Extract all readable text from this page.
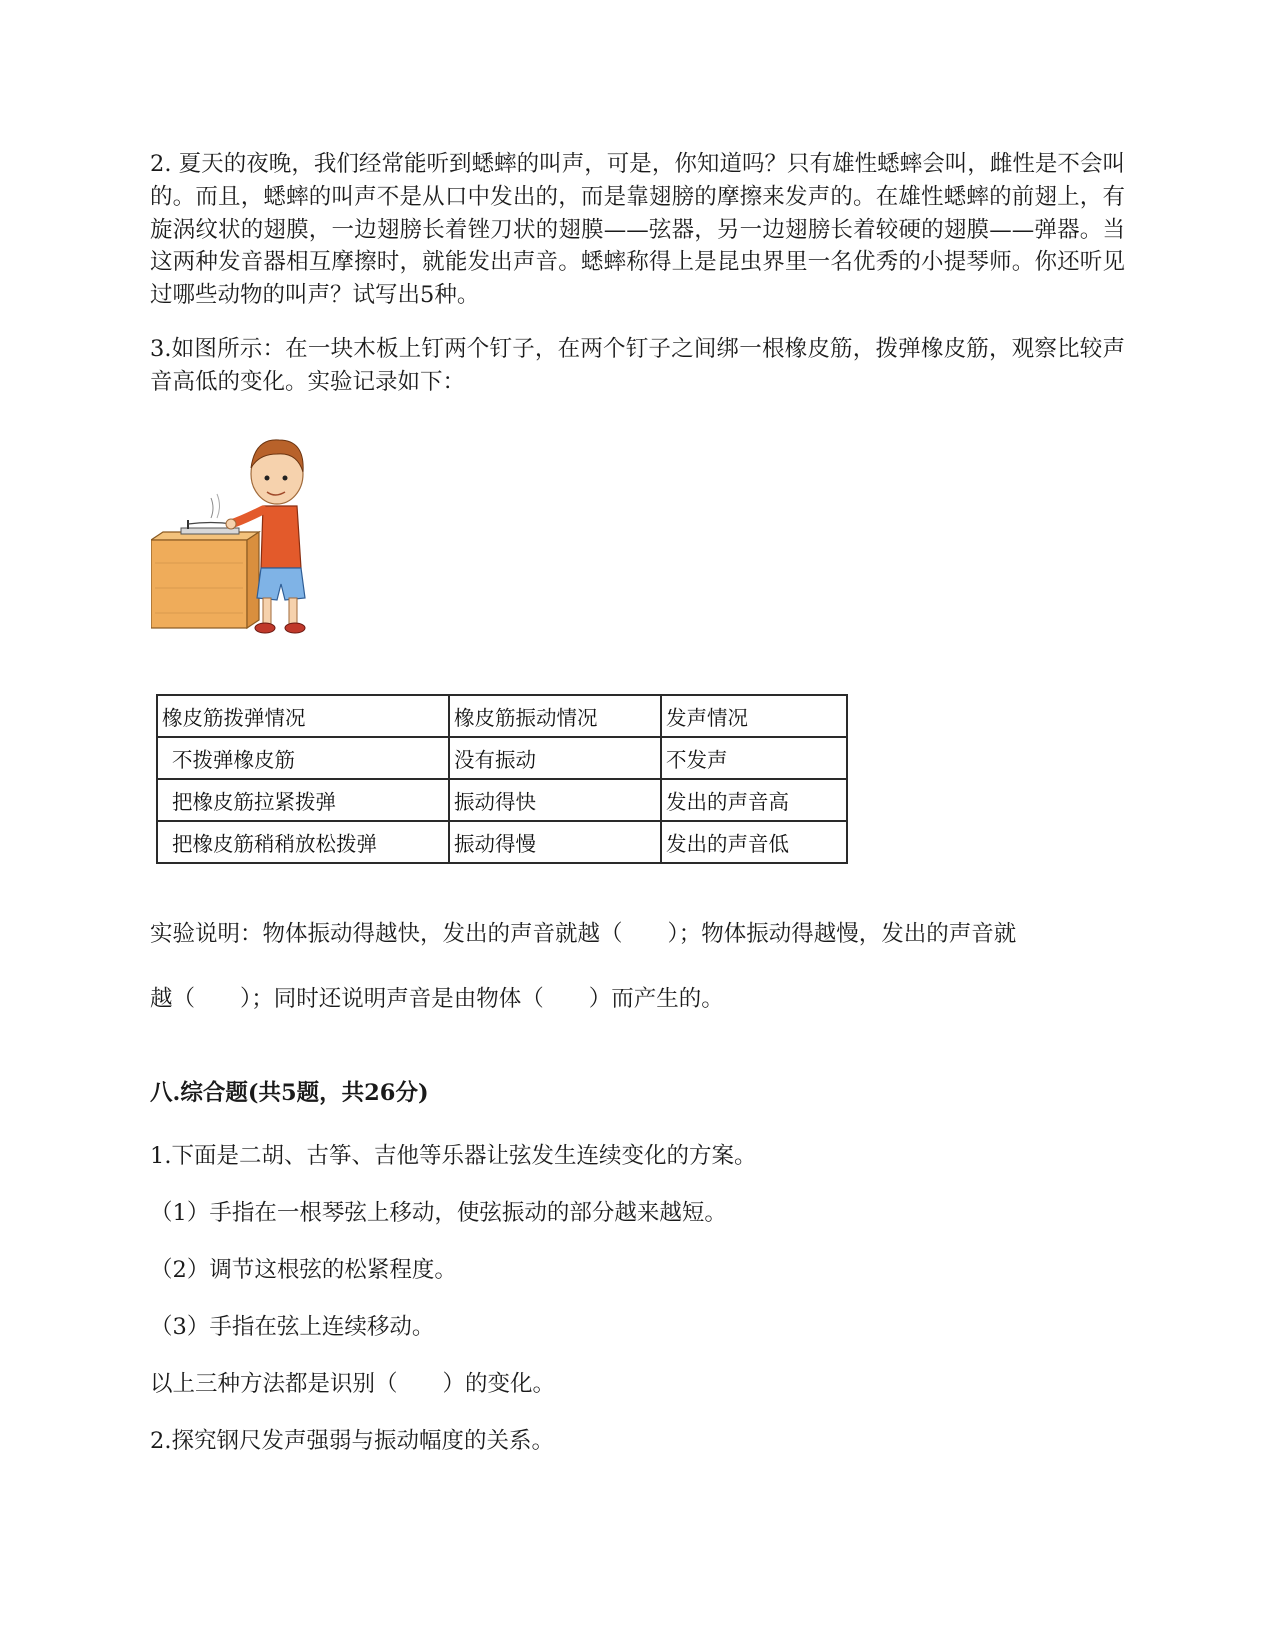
2. 夏天的夜晚，我们经常能听到蟋蟀的叫声，可是，你知道吗？只有雄性蟋蟀会叫，雌性是不会叫的。而且，蟋蟀的叫声不是从口中发出的，而是靠翅膀的摩擦来发声的。在雄性蟋蟀的前翅上，有旋涡纹状的翅膜，一边翅膀长着锉刀状的翅膜——弦器，另一边翅膀长着较硬的翅膜——弹器。当这两种发音器相互摩擦时，就能发出声音。蟋蟀称得上是昆虫界里一名优秀的小提琴师。你还听见过哪些动物的叫声？试写出5种。

3.如图所示：在一块木板上钉两个钉子，在两个钉子之间绑一根橡皮筋，拨弹橡皮筋，观察比较声音高低的变化。实验记录如下：

橡皮筋拨弹情况	橡皮筋振动情况	发声情况
不拨弹橡皮筋	没有振动	不发声
把橡皮筋拉紧拨弹	振动得快	发出的声音高
把橡皮筋稍稍放松拨弹	振动得慢	发出的声音低

实验说明：物体振动得越快，发出的声音就越（　　）；物体振动得越慢，发出的声音就

越（　　）；同时还说明声音是由物体（　　）而产生的。

八.综合题(共5题，共26分)

1.下面是二胡、古筝、吉他等乐器让弦发生连续变化的方案。

（1）手指在一根琴弦上移动，使弦振动的部分越来越短。

（2）调节这根弦的松紧程度。

（3）手指在弦上连续移动。

以上三种方法都是识别（　　）的变化。

2.探究钢尺发声强弱与振动幅度的关系。
